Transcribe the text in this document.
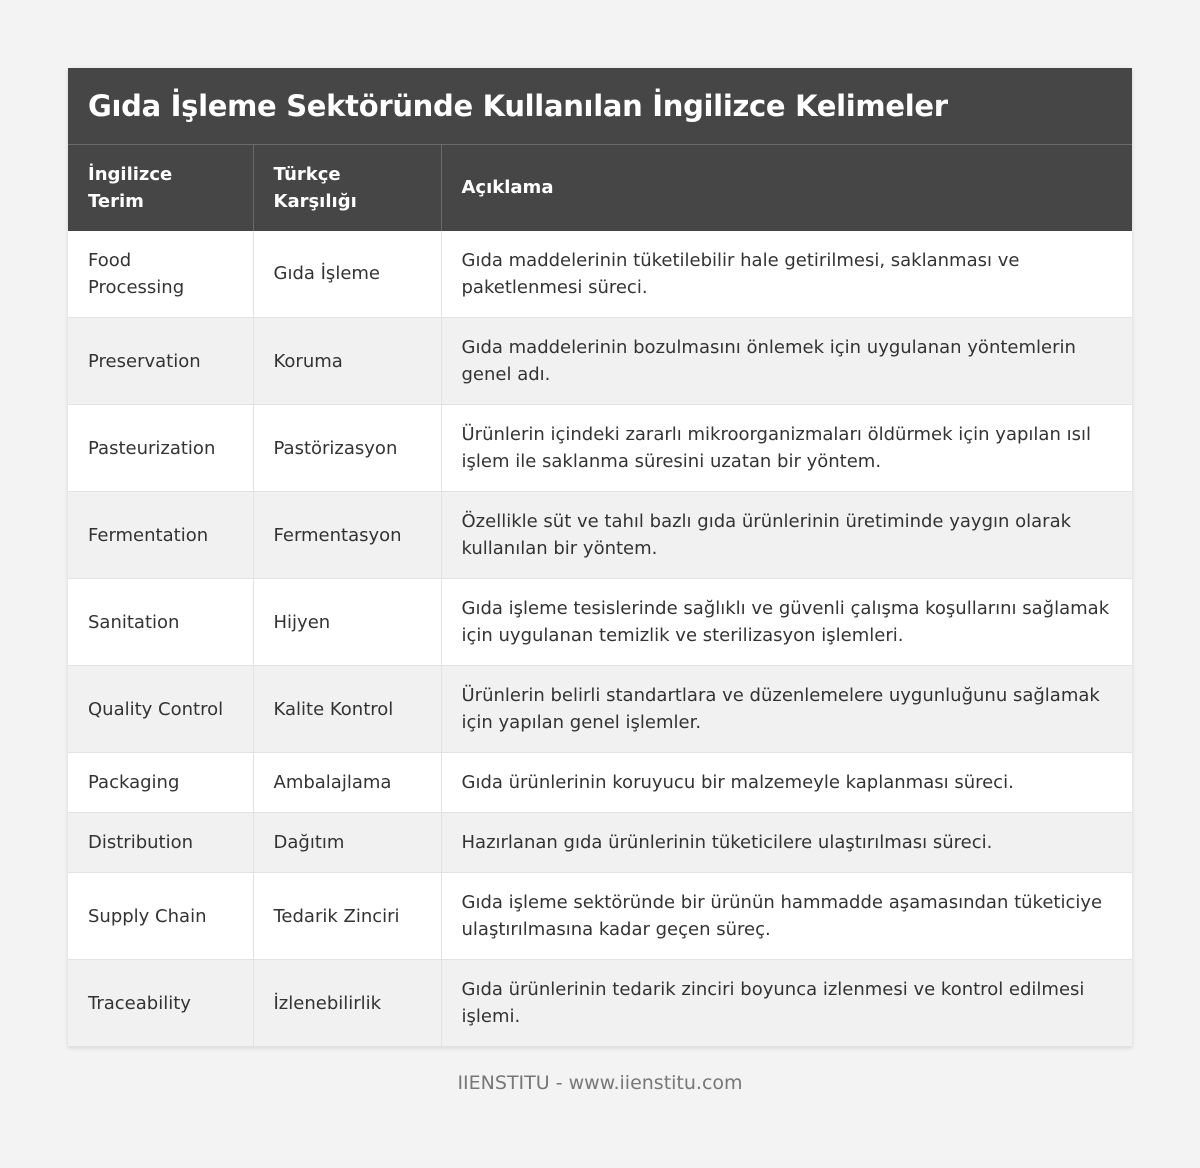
Gıda İşleme Sektöründe Kullanılan İngilizce Kelimeler
İngilizce Terim	Türkçe Karşılığı	Açıklama
Food Processing	Gıda İşleme	Gıda maddelerinin tüketilebilir hale getirilmesi, saklanması ve paketlenmesi süreci.
Preservation	Koruma	Gıda maddelerinin bozulmasını önlemek için uygulanan yöntemlerin genel adı.
Pasteurization	Pastörizasyon	Ürünlerin içindeki zararlı mikroorganizmaları öldürmek için yapılan ısıl işlem ile saklanma süresini uzatan bir yöntem.
Fermentation	Fermentasyon	Özellikle süt ve tahıl bazlı gıda ürünlerinin üretiminde yaygın olarak kullanılan bir yöntem.
Sanitation	Hijyen	Gıda işleme tesislerinde sağlıklı ve güvenli çalışma koşullarını sağlamak için uygulanan temizlik ve sterilizasyon işlemleri.
Quality Control	Kalite Kontrol	Ürünlerin belirli standartlara ve düzenlemelere uygunluğunu sağlamak için yapılan genel işlemler.
Packaging	Ambalajlama	Gıda ürünlerinin koruyucu bir malzemeyle kaplanması süreci.
Distribution	Dağıtım	Hazırlanan gıda ürünlerinin tüketicilere ulaştırılması süreci.
Supply Chain	Tedarik Zinciri	Gıda işleme sektöründe bir ürünün hammadde aşamasından tüketiciye ulaştırılmasına kadar geçen süreç.
Traceability	İzlenebilirlik	Gıda ürünlerinin tedarik zinciri boyunca izlenmesi ve kontrol edilmesi işlemi.
IIENSTITU - www.iienstitu.com
